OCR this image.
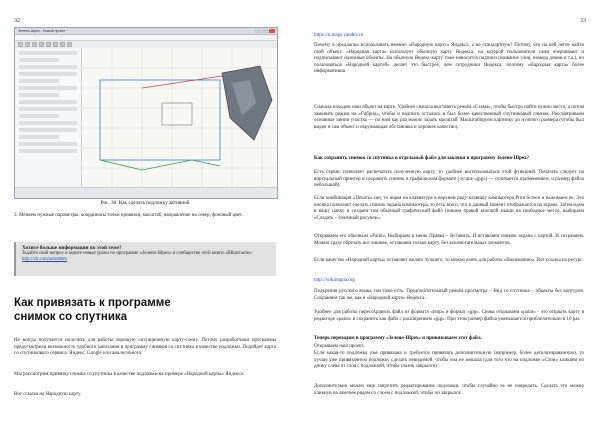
32
Зелено-Шрех - Новый проект
Рис. 30. Как сделать подложку активной
3. Меняем нужные параметры: координаты точки привязки, масштаб, направление на север, фоновый цвет.
Хотите больше информации по этой теме?
Задайте свой вопрос и ищите новые уроки по программе «Зелено-Шрех» в сообществе этой книги «ВКонтакте»:
http://vk.com/zeleshem
Как привязать к программе
снимок со спутника
Не всегда получается получить для работы хорошую ситуационную карту-схему. Потому разработчики программы предусмотрели возможность удобного запихания в программу снимков со спутника в качестве подложки. Подойдет карта со спутникового сервиса: Яндекс, Google или аналогичного.
Мы рассмотрим привязку снимка со спутника в качестве подложки на примере «Народной карты» Яндекса.
Вот ссылка на Народную карту.
33
https://n.maps.yandex.ru
Почему я предлагаю использовать именно «Народную карту» Яндекса, а не стандартную? Потому, что на ней легче найти свой объект. «Народная карта» использует обычную карту Яндекса, на которой пользователи сами очерчивают и подписывают наземные объекты. На обычную Яндекс-карту тоже наносится подписи (название улиц, номера домов и т.д.), но пользоваться «Народной картой» делает это быстрее, чем сотрудники Яндекса, поэтому «Народная карта» более информативна.
Сначала находим наш объект на карте. Удобнее сначала выставить режим «Схема», чтобы быстро найти нужно место, а потом заменить режим на «Гибрид», чтобы и надписи остались и был более качественный спутниковый снимок. Рассматриваем основные линии участка — по ним как раз можно задать масштаб. Масштабируем картинку до нужного размера (чтобы был виден и сам объект и окружающая обстановка и хорошее качество).
Как сохранить снимок со спутника в отдельный файл для закачки в программу Зелено-Шрех?
Есть сервис позволяет распечатать полученную карту, то удобнее воспользоваться этой функцией. Печатать следует на виртуальный принтер и сохранить снимок в графическом формате (лучше «jpg») — отличается применением, и размер файла небольшой).
Если комбинация «Печать» нет, то ищем на клавиатуре в верхнем ряду клавишу компьютера Print Screen и нажимаем ее. Это кнопка позволяет сделать снимок экрана компьютера, то есть всего, что в данный момент отображается на экране. Затем идем в нашу папку и создаем там обычный графический файл (пишем правой кнопкой мыши на свободное место, выбираем «Создать – точечный рисунок».
Открываем его обычным «Paint», Выбираем в меню Правка – Вставить. И вставляем снимок экрана с картой. И сохраняем. Можно сразу обрезать все лишнее, оставляем только карту, без вспомогательных элементов.
Если качество «Народной карты» оставляет желать лучшего, то можно взять для работы «Викимапию». Вот ссылка на ресурс.
http://wikimapia.org
Подкрепив русского языка там тоже есть. Предпочтительный режим просмотра – Вид со спутника – объекты без контуров. Сохраняем так же, как в «Народной карте» Яндекса.
Удобнее для работы пересохранить файл из формата «bmp» в формат «jpg». Снова открываем «paint» - это открыть карту в редакторе «paint» и сохранить как файл с расширением «jpg». При этом размер файла уменьшается приблизительно в 10 раз.
Теперь переходим в программу «Зелено-Шрех» и привязываем этот файл.
Открываем наш проект.
Если какая-то подложка уже привязана и требуется привязать дополнительную (например, более детализированную), то лучше уже привязанную подложку сделать невидимой, чтобы она не мешала (для того что на подложке «Слои» кликаем по днику слева от слоя с подложкой, чтобы глазик закрылся).
Дополнительно можно еще запретить редактирование подложки, чтобы случайно ее не повредить. Сделать это можно кликнув на замочек рядом со слоем с подложкой, чтобы он закрылся.
